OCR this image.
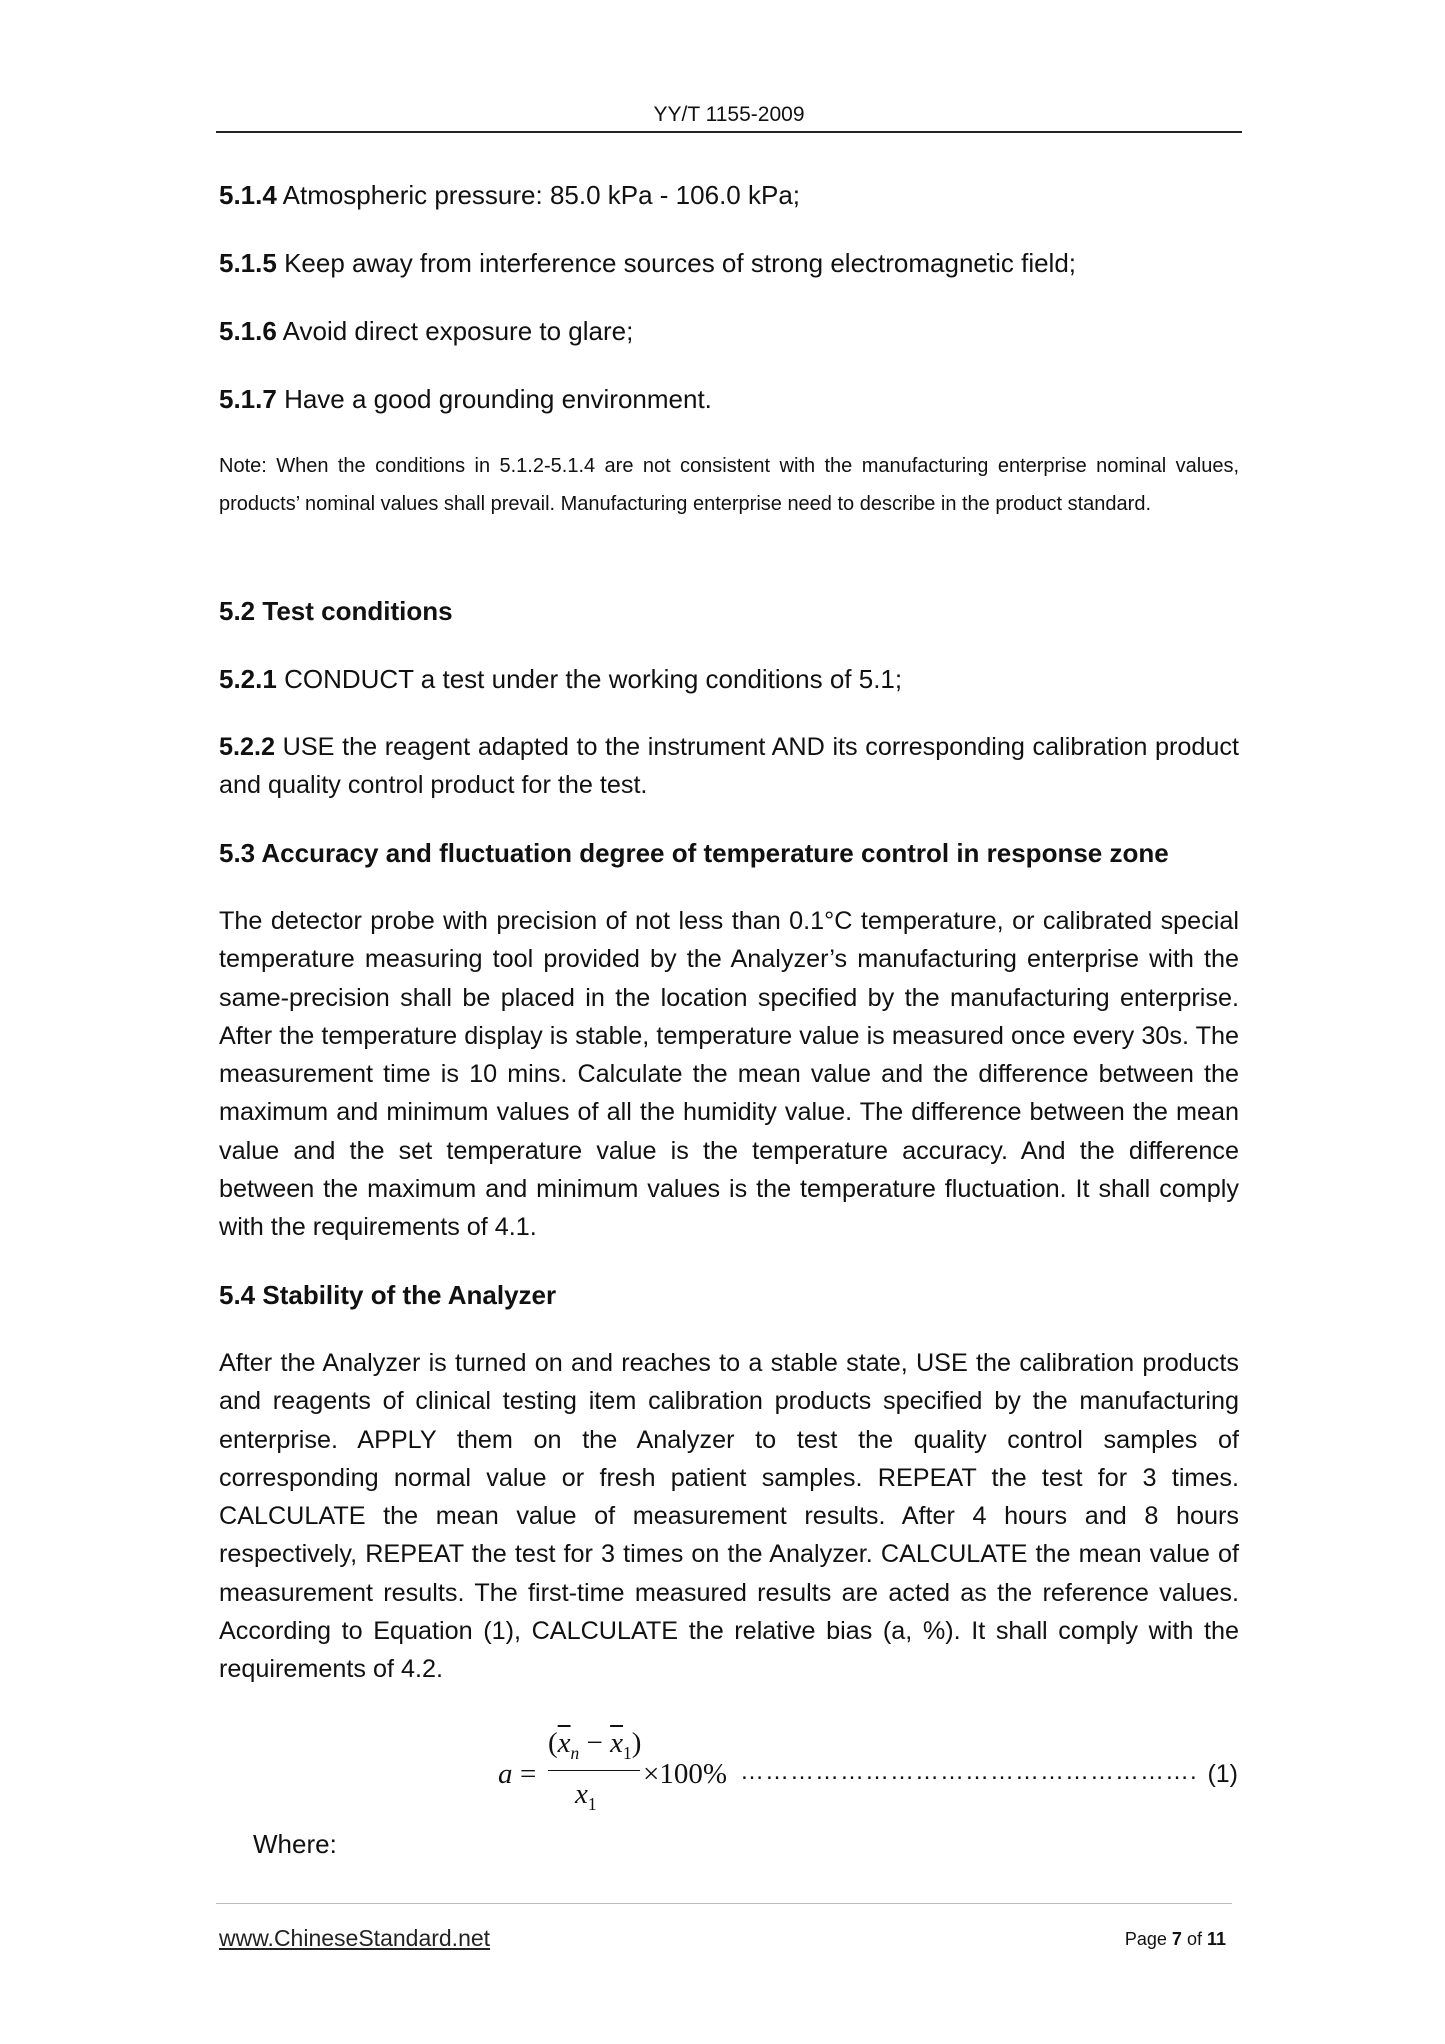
YY/T 1155-2009
5.1.4 Atmospheric pressure: 85.0 kPa - 106.0 kPa;
5.1.5 Keep away from interference sources of strong electromagnetic field;
5.1.6 Avoid direct exposure to glare;
5.1.7 Have a good grounding environment.
Note: When the conditions in 5.1.2-5.1.4 are not consistent with the manufacturing enterprise nominal values, products’ nominal values shall prevail. Manufacturing enterprise need to describe in the product standard.
5.2 Test conditions
5.2.1 CONDUCT a test under the working conditions of 5.1;
5.2.2 USE the reagent adapted to the instrument AND its corresponding calibration product and quality control product for the test.
5.3 Accuracy and fluctuation degree of temperature control in response zone
The detector probe with precision of not less than 0.1°C temperature, or calibrated special temperature measuring tool provided by the Analyzer’s manufacturing enterprise with the same-precision shall be placed in the location specified by the manufacturing enterprise. After the temperature display is stable, temperature value is measured once every 30s. The measurement time is 10 mins. Calculate the mean value and the difference between the maximum and minimum values of all the humidity value. The difference between the mean value and the set temperature value is the temperature accuracy. And the difference between the maximum and minimum values is the temperature fluctuation. It shall comply with the requirements of 4.1.
5.4 Stability of the Analyzer
After the Analyzer is turned on and reaches to a stable state, USE the calibration products and reagents of clinical testing item calibration products specified by the manufacturing enterprise. APPLY them on the Analyzer to test the quality control samples of corresponding normal value or fresh patient samples. REPEAT the test for 3 times. CALCULATE the mean value of measurement results. After 4 hours and 8 hours respectively, REPEAT the test for 3 times on the Analyzer. CALCULATE the mean value of measurement results. The first-time measured results are acted as the reference values. According to Equation (1), CALCULATE the relative bias (a, %). It shall comply with the requirements of 4.2.
a =
$(\overline{x}_n - \overline{x}_1)$
$x_1$
×100% ………………………………………………. (1)
Where:
www.ChineseStandard.net	Page 7 of 11
